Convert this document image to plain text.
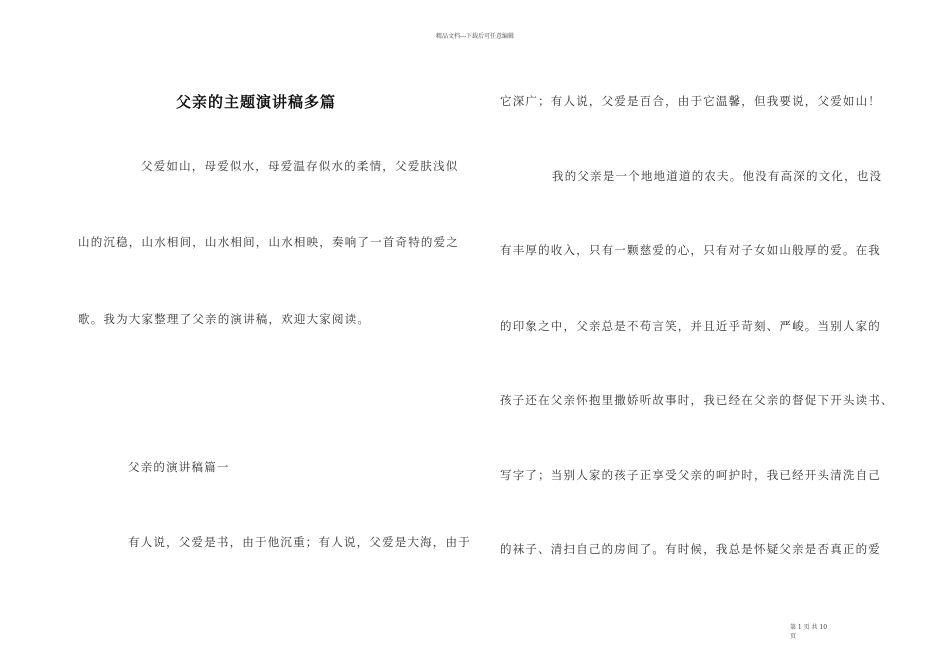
精品文档---下载后可任意编辑
父亲的主题演讲稿多篇
父爱如山，母爱似水，母爱温存似水的柔情，父爱肤浅似
山的沉稳，山水相间，山水相间，山水相映，奏响了一首奇特的爱之
歌。我为大家整理了父亲的演讲稿，欢迎大家阅读。
父亲的演讲稿篇一
有人说，父爱是书，由于他沉重；有人说，父爱是大海，由于
它深广；有人说，父爱是百合，由于它温馨，但我要说，父爱如山！
我的父亲是一个地地道道的农夫。他没有高深的文化，也没
有丰厚的收入，只有一颗慈爱的心，只有对子女如山般厚的爱。在我
的印象之中，父亲总是不苟言笑，并且近乎苛刻、严峻。当别人家的
孩子还在父亲怀抱里撒娇听故事时，我已经在父亲的督促下开头读书、
写字了；当别人家的孩子正享受父亲的呵护时，我已经开头清洗自己
的袜子、清扫自己的房间了。有时候，我总是怀疑父亲是否真正的爱
第 1 页 共 10 页
